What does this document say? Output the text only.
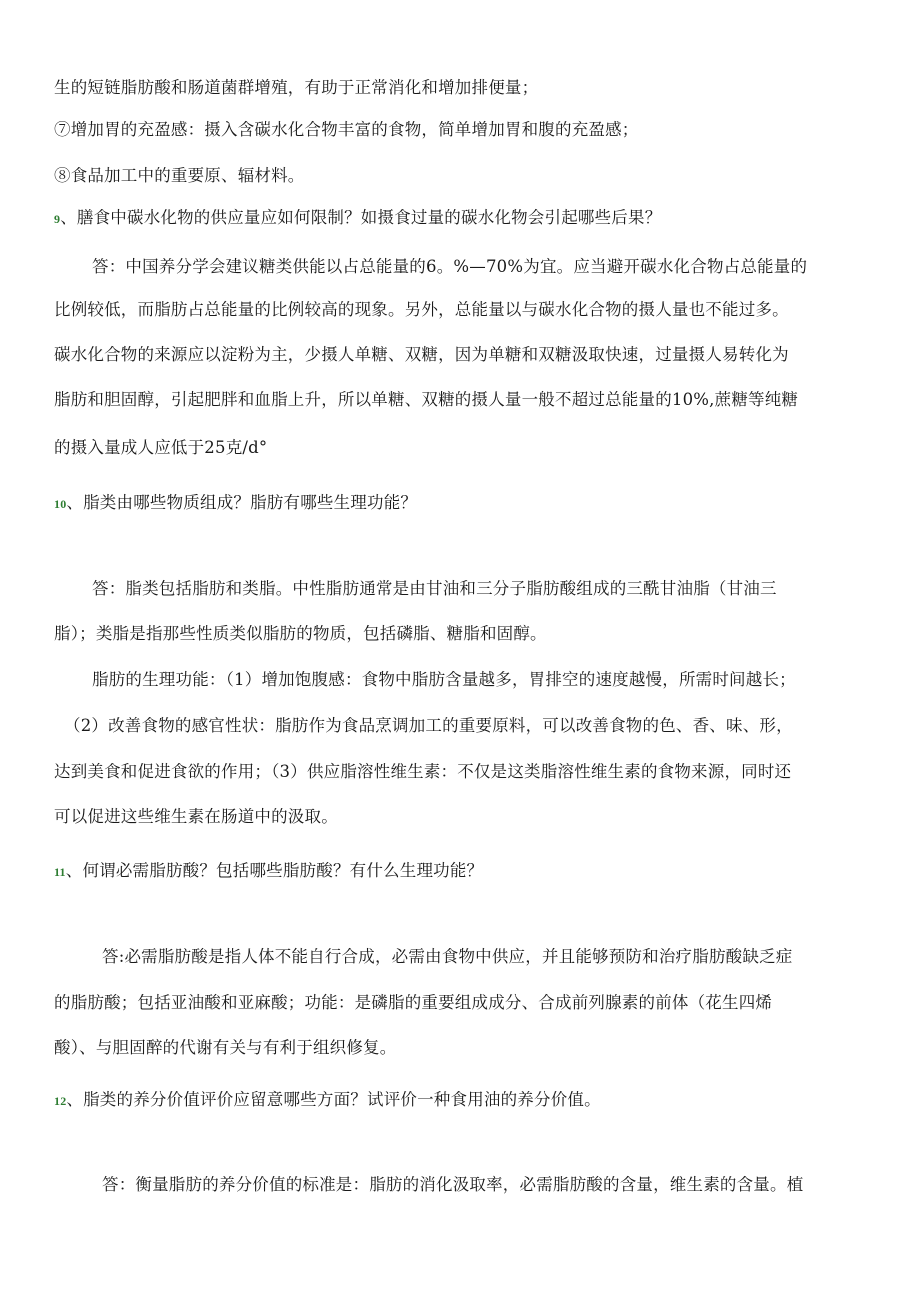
生的短链脂肪酸和肠道菌群增殖，有助于正常消化和增加排便量；
⑦增加胃的充盈感：摄入含碳水化合物丰富的食物，简单增加胃和腹的充盈感；
⑧食品加工中的重要原、辐材料。
9、膳食中碳水化物的供应量应如何限制？如摄食过量的碳水化物会引起哪些后果？
答：中国养分学会建议糖类供能以占总能量的6。%—70%为宜。应当避开碳水化合物占总能量的
比例较低，而脂肪占总能量的比例较高的现象。另外，总能量以与碳水化合物的摄人量也不能过多。
碳水化合物的来源应以淀粉为主，少摄人单糖、双糖，因为单糖和双糖汲取快速，过量摄人易转化为
脂肪和胆固醇，引起肥胖和血脂上升，所以单糖、双糖的摄人量一般不超过总能量的10%,蔗糖等纯糖
的摄入量成人应低于25克/d°
10、脂类由哪些物质组成？脂肪有哪些生理功能？
答：脂类包括脂肪和类脂。中性脂肪通常是由甘油和三分子脂肪酸组成的三酰甘油脂（甘油三
脂）；类脂是指那些性质类似脂肪的物质，包括磷脂、糖脂和固醇。
脂肪的生理功能：（1）增加饱腹感：食物中脂肪含量越多，胃排空的速度越慢，所需时间越长；
（2）改善食物的感官性状：脂肪作为食品烹调加工的重要原料，可以改善食物的色、香、味、形，
达到美食和促进食欲的作用；（3）供应脂溶性维生素：不仅是这类脂溶性维生素的食物来源，同时还
可以促进这些维生素在肠道中的汲取。
11、何谓必需脂肪酸？包括哪些脂肪酸？有什么生理功能？
答:必需脂肪酸是指人体不能自行合成，必需由食物中供应，并且能够预防和治疗脂肪酸缺乏症
的脂肪酸；包括亚油酸和亚麻酸；功能：是磷脂的重要组成成分、合成前列腺素的前体（花生四烯
酸）、与胆固醉的代谢有关与有利于组织修复。
12、脂类的养分价值评价应留意哪些方面？试评价一种食用油的养分价值。
答：衡量脂肪的养分价值的标准是：脂肪的消化汲取率，必需脂肪酸的含量，维生素的含量。植
